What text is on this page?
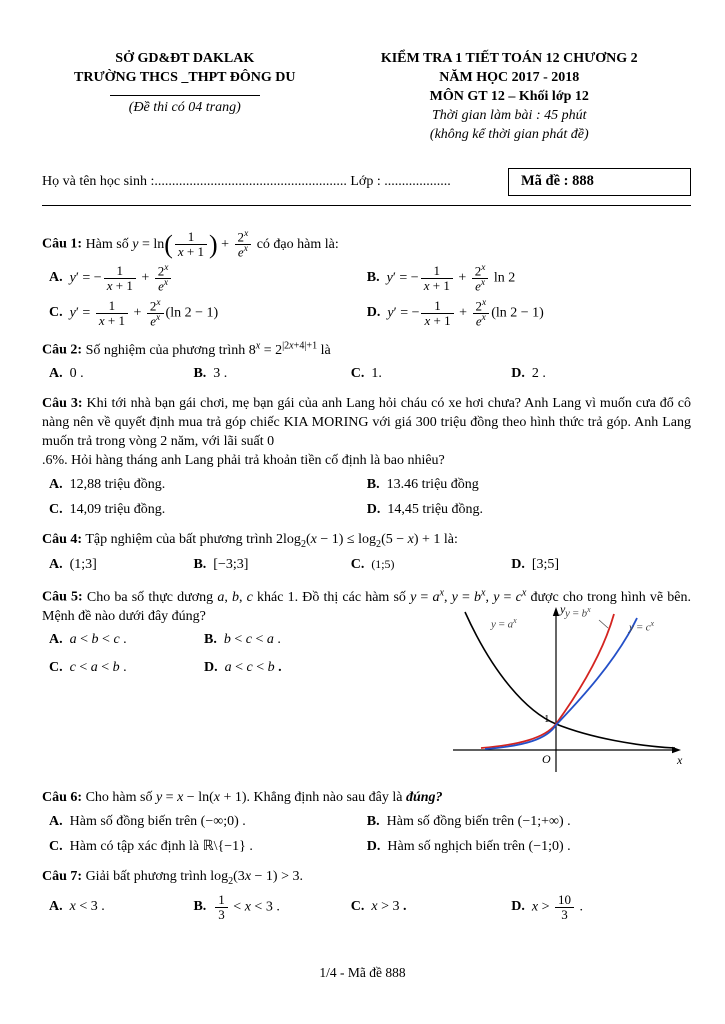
SỞ GD&ĐT DAKLAK
TRƯỜNG THCS _THPT ĐÔNG DU
(Đề thi có 04 trang)
KIỂM TRA 1 TIẾT TOÁN 12 CHƯƠNG 2
NĂM HỌC 2017 - 2018
MÔN GT 12 – Khối lớp 12
Thời gian làm bài : 45 phút
(không kể thời gian phát đề)
Họ và tên học sinh :....................................................... Lớp : ...................	Mã đề : 888
Câu 1: Hàm số $y = \ln( \frac{1}{x + 1}$ ) + $\frac{2^x}{e^x}$ có đạo hàm là:
A. y′ = − $\frac{1}{x + 1} + \frac{2^x}{e^x}$	B. y′ = − $\frac{1}{x + 1} + \frac{2^x}{e^x}$ ln 2
C. $y' = \frac{1}{x + 1} + \frac{2^x}{e^x} (\ln$ 2 − 1)	D. y′ = − $\frac{1}{x + 1} + \frac{2^x}{e^x} (\ln$ 2 − 1)
Câu 2: Số nghiệm của phương trình $8^x = 2^{|2x+4|+1}$ là
A. 0 .	B. 3 .	C. 1.	D. 2 .
Câu 3: Khi tới nhà bạn gái chơi, mẹ bạn gái của anh Lang hỏi cháu có xe hơi chưa? Anh Lang vì muốn cưa đổ cô nàng nên về quyết định mua trả góp chiếc KIA MORING với giá 300 triệu đồng theo hình thức trả góp. Anh Lang muốn trả trong vòng 2 năm, với lãi suất 0
.6%. Hỏi hàng tháng anh Lang phải trả khoản tiền cố định là bao nhiêu?
A. 12,88 triệu đồng.	B. 13.46 triệu đồng
C. 14,09 triệu đồng.	D. 14,45 triệu đồng.
Câu 4: Tập nghiệm của bất phương trình $2\log_2(x - 1) \le \log_2(5 - x) + 1$ là:
A. (1;3]	B. [−3;3]	C. (1;5)	D. [3;5]
Câu 5: Cho ba số thực dương a, b, c khác 1. Đồ thị các hàm số $y = a^x$, $y = b^x$, $y = c^x$ được cho trong hình vẽ bên. Mệnh đề nào dưới đây đúng?
A. a < b < c .	B. b < c < a .
C. c < a < b .	D. a < c < b .
$y = a^x$
$y = b^x$
$y = c^x$
1
O	x
y
Câu 6: Cho hàm số y = x − ln(x + 1). Khẳng định nào sau đây là đúng?
A. Hàm số đồng biến trên (−∞;0) .	B. Hàm số đồng biến trên (−1;+∞) .
C. Hàm có tập xác định là ℝ\{−1} .	D. Hàm số nghịch biến trên (−1;0) .
Câu 7: Giải bất phương trình $\log_2(3x - 1) > 3$.
A. x < 3 .	B. $\frac{1}{3} < x < 3$ .	C. x > 3 .	D. $x > \frac{10}{3}$ .
1/4 - Mã đề 888
